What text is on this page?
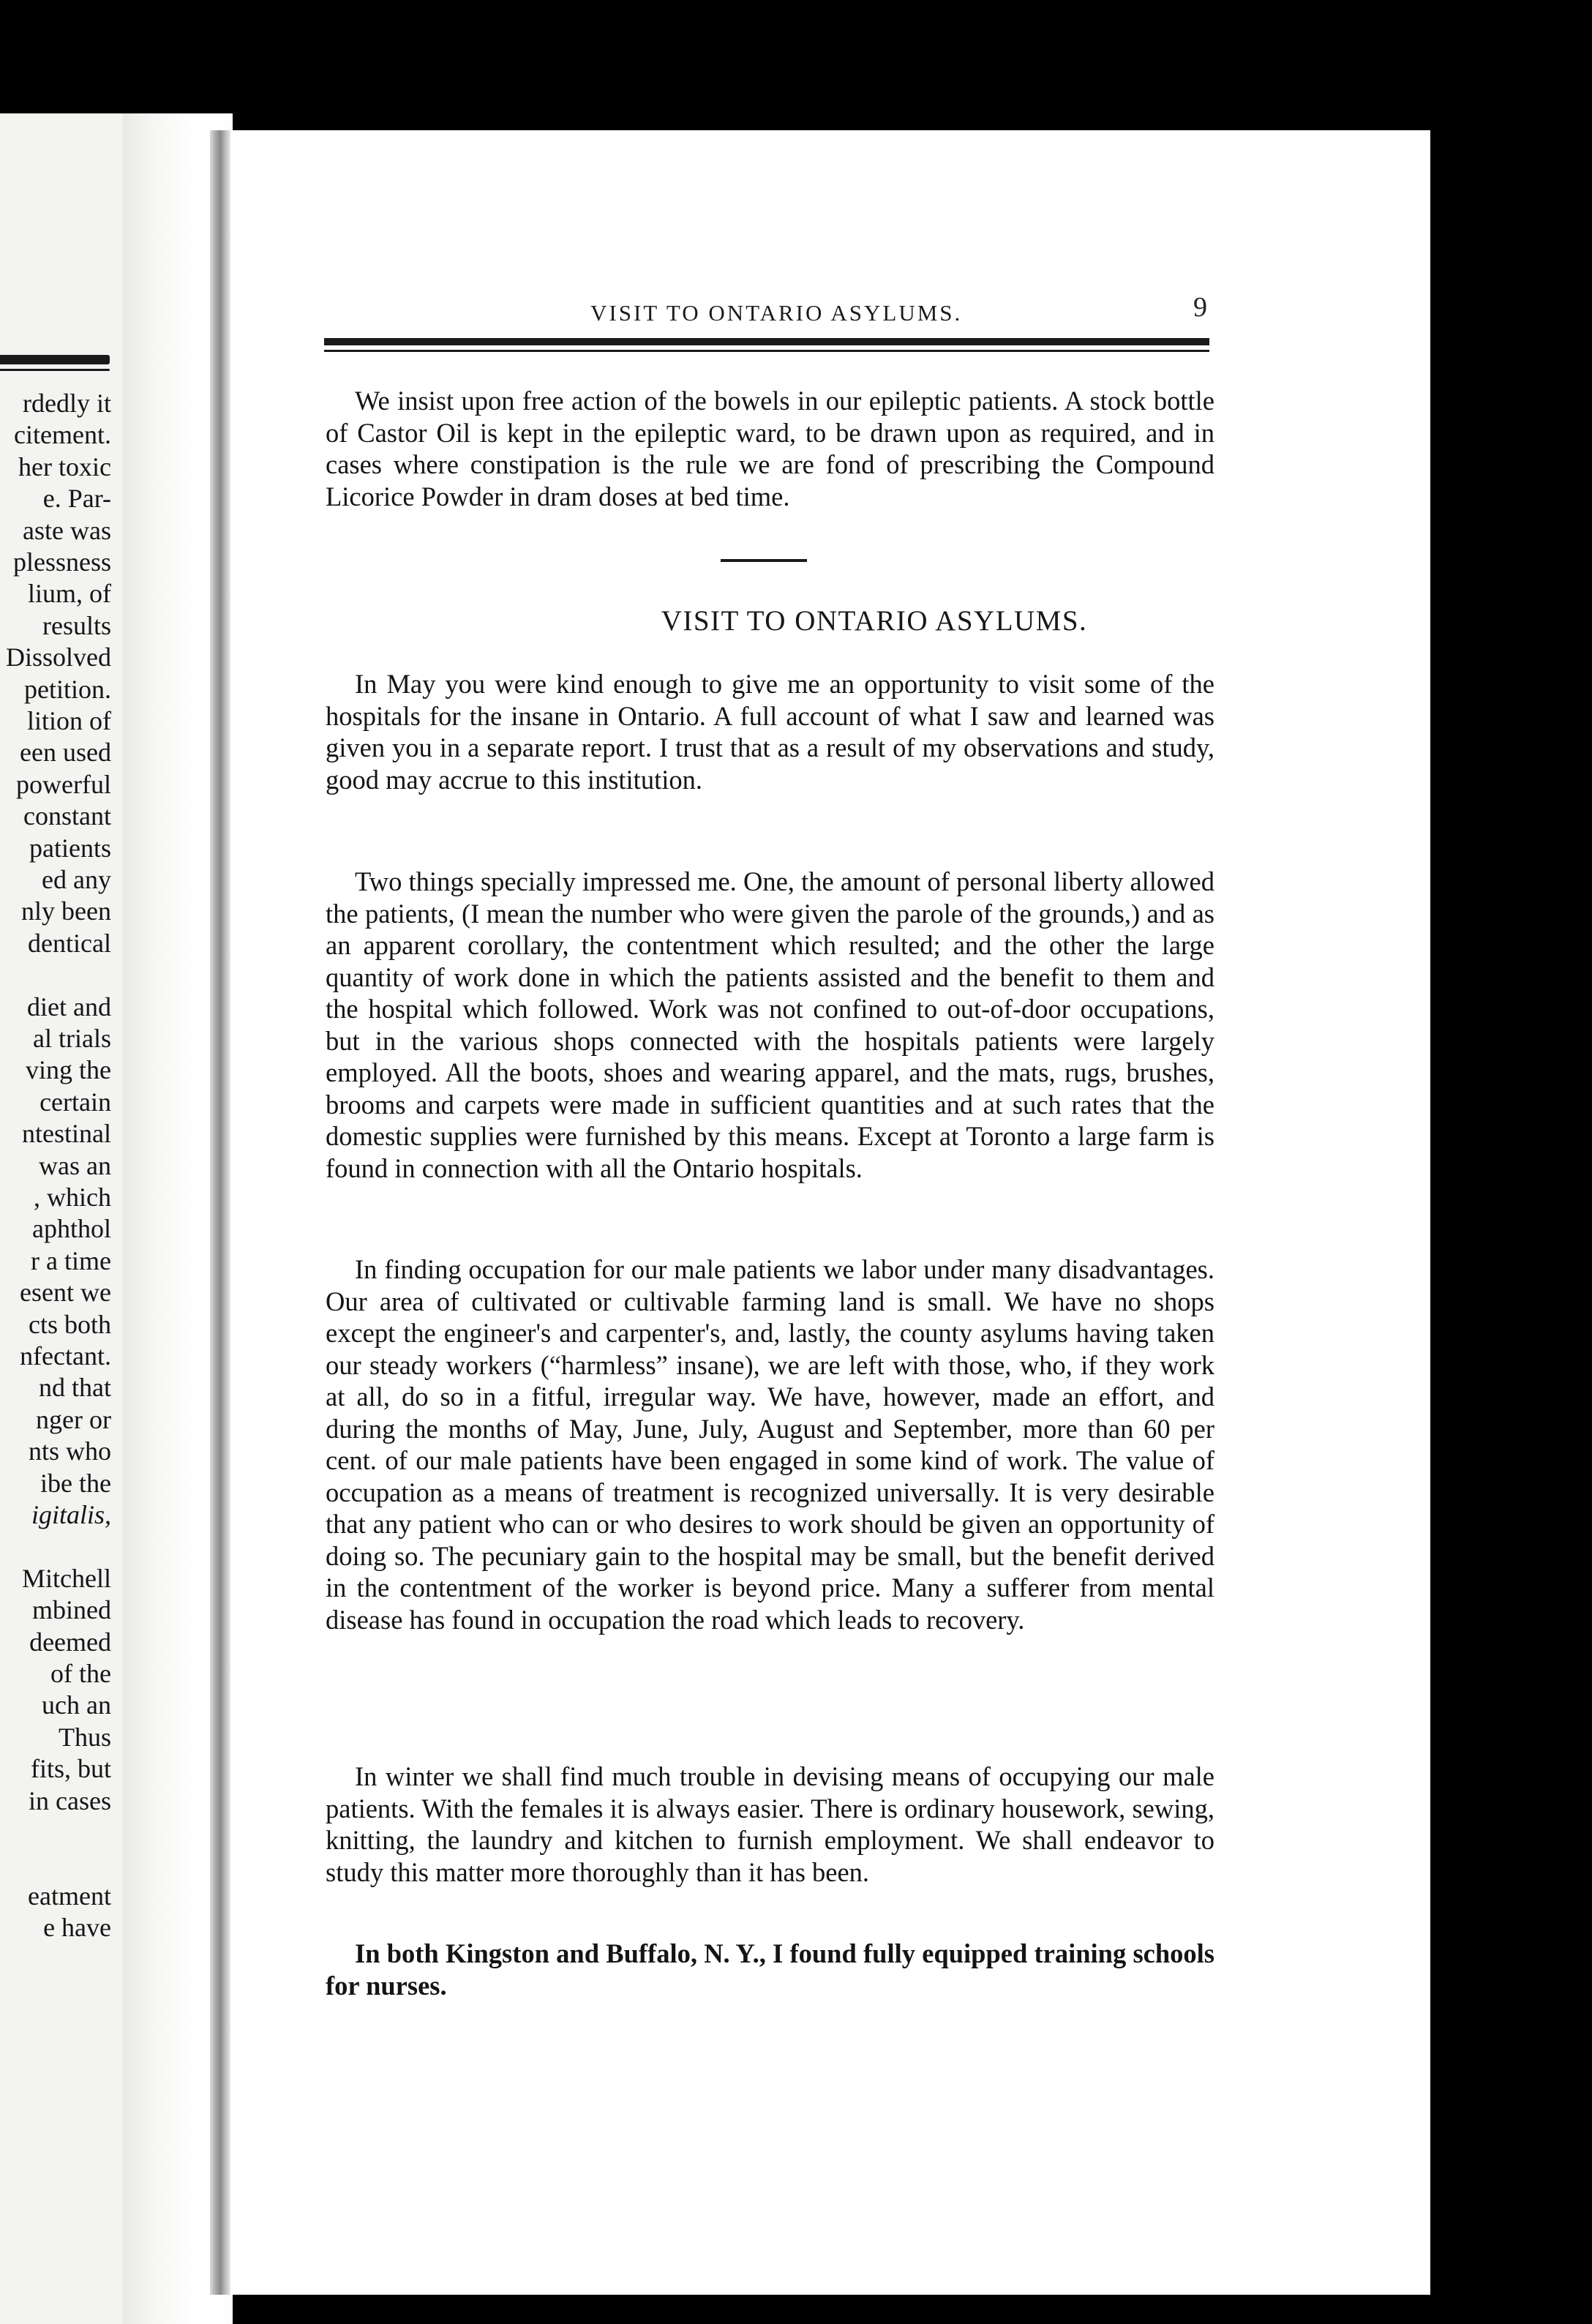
rdedly it
citement.
her toxic
e. Par-
aste was
plessness
lium, of
results
Dissolved
petition.
lition of
een used
powerful
constant
patients
ed any
nly been
dentical
diet and
al trials
ving the
certain
ntestinal
was an
, which
aphthol
r a time
esent we
cts both
nfectant.
nd that
nger or
nts who
ibe the
igitalis,
Mitchell
mbined
deemed
of the
uch an
Thus
fits, but
in cases
eatment
e have
VISIT TO ONTARIO ASYLUMS.	9

We insist upon free action of the bowels in our epileptic patients. A stock bottle of Castor Oil is kept in the epileptic ward, to be drawn upon as required, and in cases where constipation is the rule we are fond of prescribing the Compound Licorice Powder in dram doses at bed time.

VISIT TO ONTARIO ASYLUMS.

In May you were kind enough to give me an opportunity to visit some of the hospitals for the insane in Ontario. A full account of what I saw and learned was given you in a separate report. I trust that as a result of my observations and study, good may accrue to this institution.

Two things specially impressed me. One, the amount of personal liberty allowed the patients, (I mean the number who were given the parole of the grounds,) and as an apparent corollary, the contentment which resulted; and the other the large quantity of work done in which the patients assisted and the benefit to them and the hospital which followed. Work was not confined to out-of-door occupations, but in the various shops connected with the hospitals patients were largely employed. All the boots, shoes and wearing apparel, and the mats, rugs, brushes, brooms and carpets were made in sufficient quantities and at such rates that the domestic supplies were furnished by this means. Except at Toronto a large farm is found in connection with all the Ontario hospitals.

In finding occupation for our male patients we labor under many disadvantages. Our area of cultivated or cultivable farming land is small. We have no shops except the engineer's and carpenter's, and, lastly, the county asylums having taken our steady workers (“harmless” insane), we are left with those, who, if they work at all, do so in a fitful, irregular way. We have, however, made an effort, and during the months of May, June, July, August and September, more than 60 per cent. of our male patients have been engaged in some kind of work. The value of occupation as a means of treatment is recognized universally. It is very desirable that any patient who can or who desires to work should be given an opportunity of doing so. The pecuniary gain to the hospital may be small, but the benefit derived in the contentment of the worker is beyond price. Many a sufferer from mental disease has found in occupation the road which leads to recovery.

In winter we shall find much trouble in devising means of occupying our male patients. With the females it is always easier. There is ordinary housework, sewing, knitting, the laundry and kitchen to furnish employment. We shall endeavor to study this matter more thoroughly than it has been.

In both Kingston and Buffalo, N. Y., I found fully equipped training schools for nurses.
